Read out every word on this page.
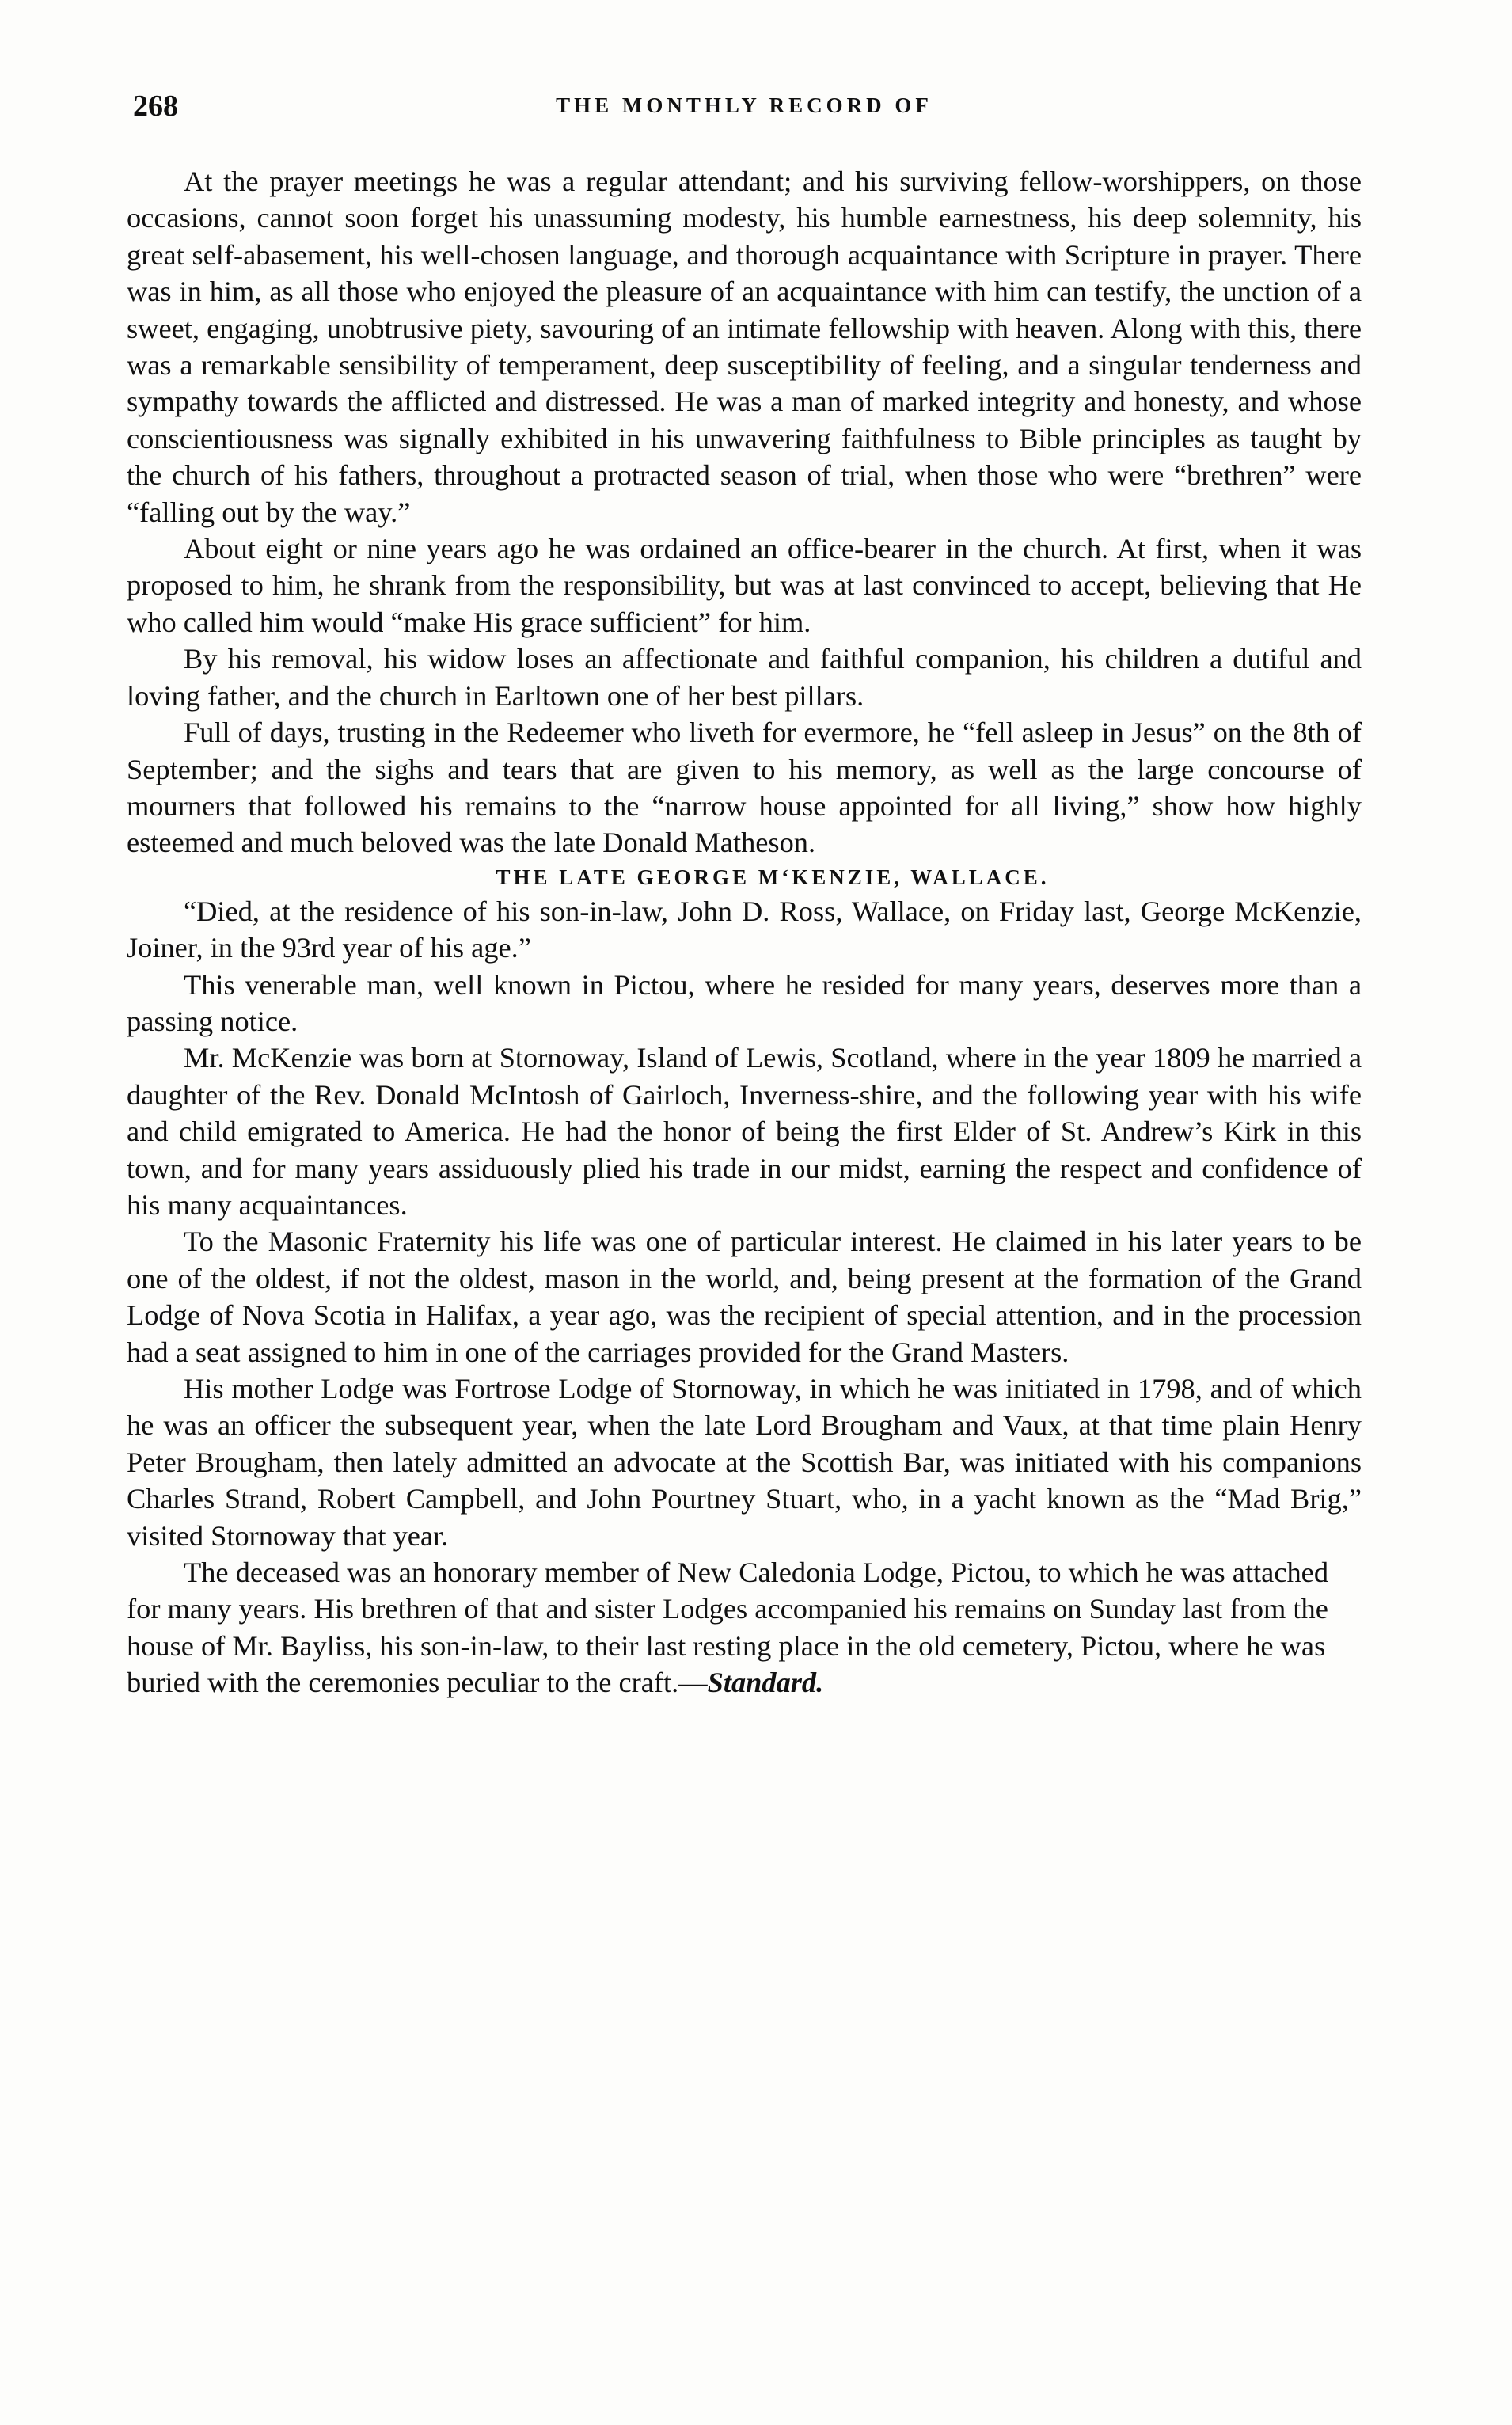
268	THE MONTHLY RECORD OF

At the prayer meetings he was a regular attendant; and his surviving fellow-worshippers, on those occasions, cannot soon forget his unassuming modesty, his humble earnestness, his deep solemnity, his great self-abasement, his well-chosen language, and thorough acquaintance with Scripture in prayer. There was in him, as all those who enjoyed the pleasure of an acquaintance with him can testify, the unction of a sweet, engaging, unobtrusive piety, savouring of an intimate fellowship with heaven. Along with this, there was a remarkable sensibility of temperament, deep susceptibility of feeling, and a singular tenderness and sympathy towards the afflicted and distressed. He was a man of marked integrity and honesty, and whose conscientiousness was signally exhibited in his unwavering faithfulness to Bible principles as taught by the church of his fathers, throughout a protracted season of trial, when those who were “brethren” were “falling out by the way.”

About eight or nine years ago he was ordained an office-bearer in the church. At first, when it was proposed to him, he shrank from the responsibility, but was at last convinced to accept, believing that He who called him would “make His grace sufficient” for him.

By his removal, his widow loses an affectionate and faithful companion, his children a dutiful and loving father, and the church in Earltown one of her best pillars.

Full of days, trusting in the Redeemer who liveth for evermore, he “fell asleep in Jesus” on the 8th of September; and the sighs and tears that are given to his memory, as well as the large concourse of mourners that followed his remains to the “narrow house appointed for all living,” show how highly esteemed and much beloved was the late Donald Matheson.

THE LATE GEORGE M‘KENZIE, WALLACE.

“Died, at the residence of his son-in-law, John D. Ross, Wallace, on Friday last, George McKenzie, Joiner, in the 93rd year of his age.”

This venerable man, well known in Pictou, where he resided for many years, deserves more than a passing notice.

Mr. McKenzie was born at Stornoway, Island of Lewis, Scotland, where in the year 1809 he married a daughter of the Rev. Donald McIntosh of Gairloch, Inverness-shire, and the following year with his wife and child emigrated to America. He had the honor of being the first Elder of St. Andrew’s Kirk in this town, and for many years assiduously plied his trade in our midst, earning the respect and confidence of his many acquaintances.

To the Masonic Fraternity his life was one of particular interest. He claimed in his later years to be one of the oldest, if not the oldest, mason in the world, and, being present at the formation of the Grand Lodge of Nova Scotia in Halifax, a year ago, was the recipient of special attention, and in the procession had a seat assigned to him in one of the carriages provided for the Grand Masters.

His mother Lodge was Fortrose Lodge of Stornoway, in which he was initiated in 1798, and of which he was an officer the subsequent year, when the late Lord Brougham and Vaux, at that time plain Henry Peter Brougham, then lately admitted an advocate at the Scottish Bar, was initiated with his companions Charles Strand, Robert Campbell, and John Pourtney Stuart, who, in a yacht known as the “Mad Brig,” visited Stornoway that year.

The deceased was an honorary member of New Caledonia Lodge, Pictou, to which he was attached for many years. His brethren of that and sister Lodges accompanied his remains on Sunday last from the house of Mr. Bayliss, his son-in-law, to their last resting place in the old cemetery, Pictou, where he was buried with the ceremonies peculiar to the craft.—Standard.
